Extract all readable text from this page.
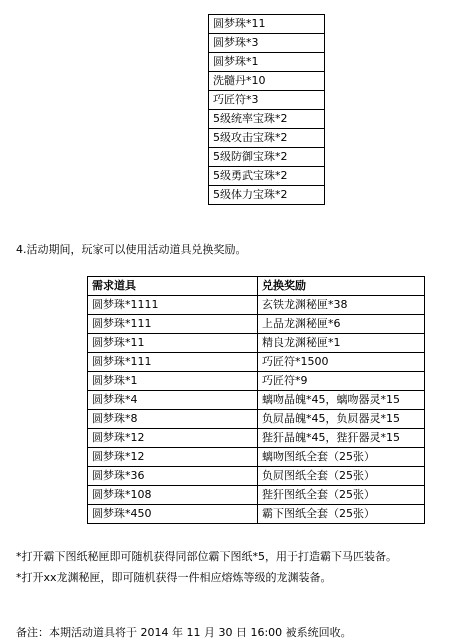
圆梦珠*11
圆梦珠*3
圆梦珠*1
洗髓丹*10
巧匠符*3
5级统率宝珠*2
5级攻击宝珠*2
5级防御宝珠*2
5级勇武宝珠*2
5级体力宝珠*2
4.活动期间，玩家可以使用活动道具兑换奖励。
需求道具	兑换奖励
圆梦珠*1111	玄铁龙渊秘匣*38
圆梦珠*111	上品龙渊秘匣*6
圆梦珠*11	精良龙渊秘匣*1
圆梦珠*111	巧匠符*1500
圆梦珠*1	巧匠符*9
圆梦珠*4	螭吻晶魄*45，螭吻器灵*15
圆梦珠*8	负屃晶魄*45，负屃器灵*15
圆梦珠*12	狴犴晶魄*45，狴犴器灵*15
圆梦珠*12	螭吻图纸全套（25张）
圆梦珠*36	负屃图纸全套（25张）
圆梦珠*108	狴犴图纸全套（25张）
圆梦珠*450	霸下图纸全套（25张）
*打开霸下图纸秘匣即可随机获得同部位霸下图纸*5，用于打造霸下马匹装备。
*打开xx龙渊秘匣，即可随机获得一件相应熔炼等级的龙渊装备。
备注：本期活动道具将于 2014 年 11 月 30 日 16:00 被系统回收。
